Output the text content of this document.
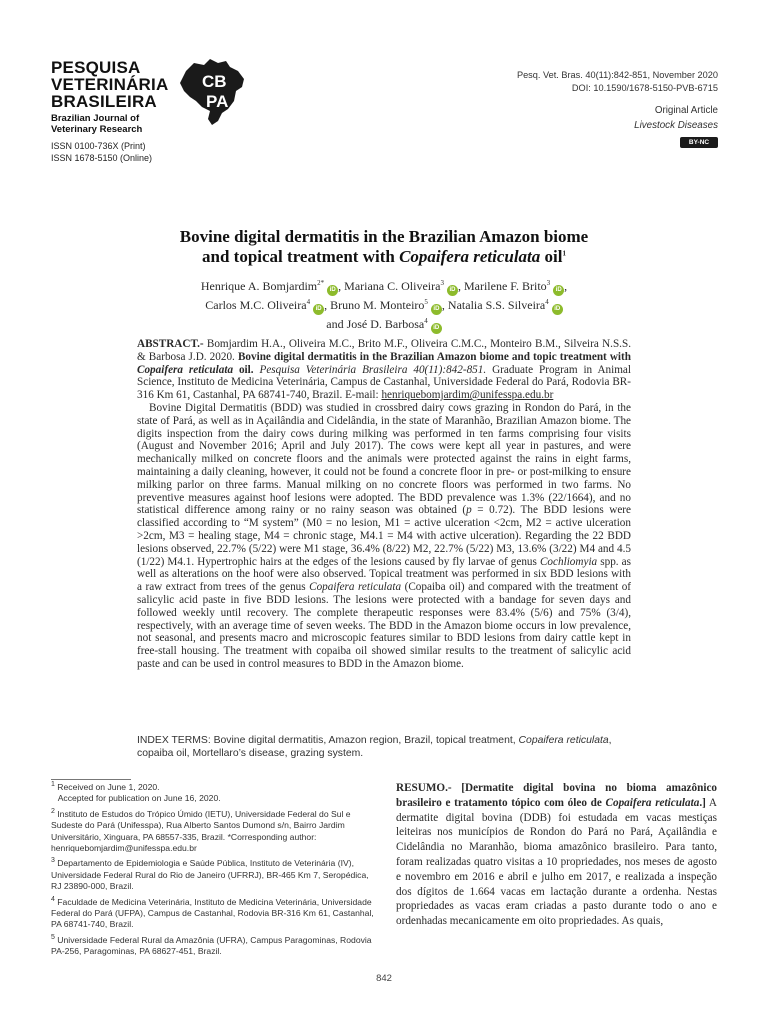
PESQUISA
VETERINÁRIA
BRASILEIRA
Brazilian Journal of
Veterinary Research
ISSN 0100-736X (Print)
ISSN 1678-5150 (Online)
CB
PA
Pesq. Vet. Bras. 40(11):842-851, November 2020
DOI: 10.1590/1678-5150-PVB-6715
Original Article
Livestock Diseases
BY-NC
Bovine digital dermatitis in the Brazilian Amazon biome
and topical treatment with Copaifera reticulata oil$^1$
Henrique A. Bomjardim$^{2*}$iD , Mariana C. Oliveira$^3$iD , Marilene F. Brito$^3$iD ,
Carlos M.C. Oliveira$^4$iD , Bruno M. Monteiro$^5$iD , Natalia S.S. Silveira$^4$iD
and José D. Barbosa$^4$iD

ABSTRACT.- Bomjardim H.A., Oliveira M.C., Brito M.F., Oliveira C.M.C., Monteiro B.M., Silveira N.S.S. & Barbosa J.D. 2020. Bovine digital dermatitis in the Brazilian Amazon biome and topic treatment with Copaifera reticulata oil. Pesquisa Veterinária Brasileira 40(11):842-851. Graduate Program in Animal Science, Instituto de Medicina Veterinária, Campus de Castanhal, Universidade Federal do Pará, Rodovia BR-316 Km 61, Castanhal, PA 68741-740, Brazil. E-mail: henriquebomjardim@unifesspa.edu.br

Bovine Digital Dermatitis (BDD) was studied in crossbred dairy cows grazing in Rondon do Pará, in the state of Pará, as well as in Açailândia and Cidelândia, in the state of Maranhão, Brazilian Amazon biome. The digits inspection from the dairy cows during milking was performed in ten farms comprising four visits (August and November 2016; April and July 2017). The cows were kept all year in pastures, and were mechanically milked on concrete floors and the animals were protected against the rains in eight farms, maintaining a daily cleaning, however, it could not be found a concrete floor in pre- or post-milking to ensure milking parlor on three farms. Manual milking on no concrete floors was performed in two farms. No preventive measures against hoof lesions were adopted. The BDD prevalence was 1.3% (22/1664), and no statistical difference among rainy or no rainy season was obtained (p = 0.72). The BDD lesions were classified according to “M system” (M0 = no lesion, M1 = active ulceration <2cm, M2 = active ulceration >2cm, M3 = healing stage, M4 = chronic stage, M4.1 = M4 with active ulceration). Regarding the 22 BDD lesions observed, 22.7% (5/22) were M1 stage, 36.4% (8/22) M2, 22.7% (5/22) M3, 13.6% (3/22) M4 and 4.5 (1/22) M4.1. Hypertrophic hairs at the edges of the lesions caused by fly larvae of genus Cochliomyia spp. as well as alterations on the hoof were also observed. Topical treatment was performed in six BDD lesions with a raw extract from trees of the genus Copaifera reticulata (Copaiba oil) and compared with the treatment of salicylic acid paste in five BDD lesions. The lesions were protected with a bandage for seven days and followed weekly until recovery. The complete therapeutic responses were 83.4% (5/6) and 75% (3/4), respectively, with an average time of seven weeks. The BDD in the Amazon biome occurs in low prevalence, not seasonal, and presents macro and microscopic features similar to BDD lesions from dairy cattle kept in free-stall housing. The treatment with copaiba oil showed similar results to the treatment of salicylic acid paste and can be used in control measures to BDD in the Amazon biome.

INDEX TERMS: Bovine digital dermatitis, Amazon region, Brazil, topical treatment, Copaifera reticulata, copaiba oil, Mortellaro’s disease, grazing system.

$^1$ Received on June 1, 2020.

Accepted for publication on June 16, 2020.

$^2$ Instituto de Estudos do Trópico Úmido (IETU), Universidade Federal do Sul e Sudeste do Pará (Unifesspa), Rua Alberto Santos Dumond s/n, Bairro Jardim Universitário, Xinguara, PA 68557-335, Brazil. *Corresponding author: henriquebomjardim@unifesspa.edu.br

$^3$ Departamento de Epidemiologia e Saúde Pública, Instituto de Veterinária (IV), Universidade Federal Rural do Rio de Janeiro (UFRRJ), BR-465 Km 7, Seropédica, RJ 23890-000, Brazil.

$^4$ Faculdade de Medicina Veterinária, Instituto de Medicina Veterinária, Universidade Federal do Pará (UFPA), Campus de Castanhal, Rodovia BR-316 Km 61, Castanhal, PA 68741-740, Brazil.

$^5$ Universidade Federal Rural da Amazônia (UFRA), Campus Paragominas, Rodovia PA-256, Paragominas, PA 68627-451, Brazil.

RESUMO.- [Dermatite digital bovina no bioma amazônico brasileiro e tratamento tópico com óleo de Copaifera reticulata.] A dermatite digital bovina (DDB) foi estudada em vacas mestiças leiteiras nos municípios de Rondon do Pará no Pará, Açailândia e Cidelândia no Maranhão, bioma amazônico brasileiro. Para tanto, foram realizadas quatro visitas a 10 propriedades, nos meses de agosto e novembro em 2016 e abril e julho em 2017, e realizada a inspeção dos dígitos de 1.664 vacas em lactação durante a ordenha. Nestas propriedades as vacas eram criadas a pasto durante todo o ano e ordenhadas mecanicamente em oito propriedades. As quais,
842
